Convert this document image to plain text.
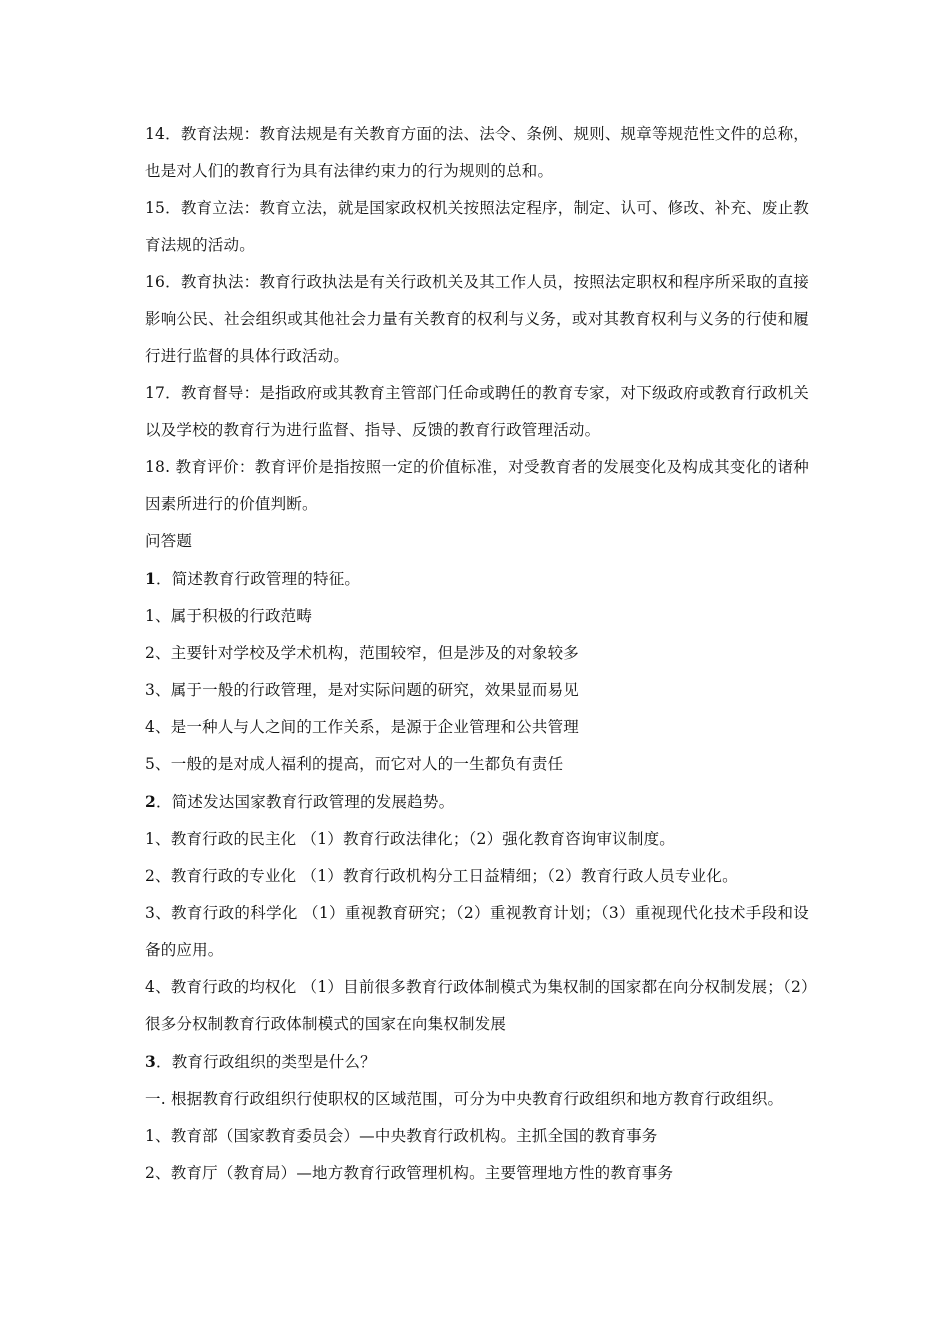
14．教育法规：教育法规是有关教育方面的法、法令、条例、规则、规章等规范性文件的总称，也是对人们的教育行为具有法律约束力的行为规则的总和。

15．教育立法：教育立法，就是国家政权机关按照法定程序，制定、认可、修改、补充、废止教育法规的活动。

16．教育执法：教育行政执法是有关行政机关及其工作人员，按照法定职权和程序所采取的直接影响公民、社会组织或其他社会力量有关教育的权利与义务，或对其教育权利与义务的行使和履行进行监督的具体行政活动。

17．教育督导：是指政府或其教育主管部门任命或聘任的教育专家，对下级政府或教育行政机关以及学校的教育行为进行监督、指导、反馈的教育行政管理活动。

18. 教育评价：教育评价是指按照一定的价值标准，对受教育者的发展变化及构成其变化的诸种因素所进行的价值判断。

问答题

1．简述教育行政管理的特征。

1、属于积极的行政范畴

2、主要针对学校及学术机构，范围较窄，但是涉及的对象较多

3、属于一般的行政管理，是对实际问题的研究，效果显而易见

4、是一种人与人之间的工作关系，是源于企业管理和公共管理

5、一般的是对成人福利的提高，而它对人的一生都负有责任

2．简述发达国家教育行政管理的发展趋势。

1、教育行政的民主化 （1）教育行政法律化；（2）强化教育咨询审议制度。

2、教育行政的专业化 （1）教育行政机构分工日益精细；（2）教育行政人员专业化。

3、教育行政的科学化 （1）重视教育研究；（2）重视教育计划；（3）重视现代化技术手段和设备的应用。

4、教育行政的均权化 （1）目前很多教育行政体制模式为集权制的国家都在向分权制发展；（2）很多分权制教育行政体制模式的国家在向集权制发展

3．教育行政组织的类型是什么？

一. 根据教育行政组织行使职权的区域范围，可分为中央教育行政组织和地方教育行政组织。

1、教育部（国家教育委员会）—中央教育行政机构。主抓全国的教育事务

2、教育厅（教育局）—地方教育行政管理机构。主要管理地方性的教育事务
